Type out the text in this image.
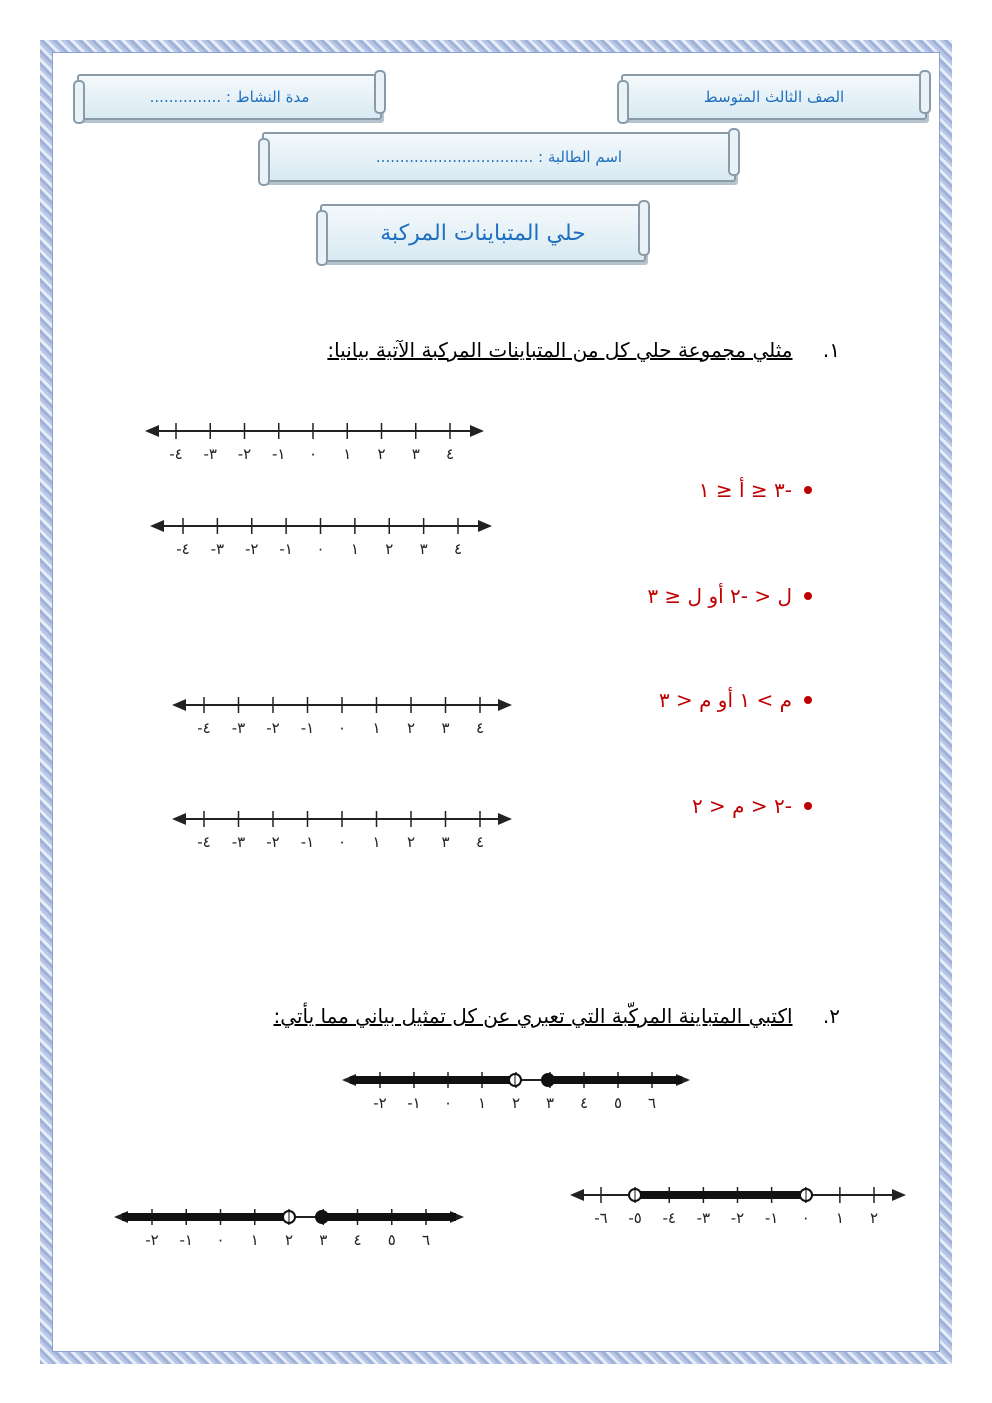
الصف الثالث المتوسط
مدة النشاط : ...............
اسم الطالبة : .................................
حلي المتباينات المركبة
١. مثلي مجموعة حلي كل من المتباينات المركبة الآتية بيانيا:
-٣ ≤ أ ≤ ١
ل < -٢ أو ل ≤ ٣
م > ١ أو م < ٣
-٢ < م < ٢
٢. اكتبي المتباينة المركّبة التي تعبري عن كل تمثيل بياني مما يأتي:
٤- ٣- ٢- ١- ٠ ١ ٢ ٣ ٤
٤- ٣- ٢- ١- ٠ ١ ٢ ٣ ٤
٤- ٣- ٢- ١- ٠ ١ ٢ ٣ ٤
٤- ٣- ٢- ١- ٠ ١ ٢ ٣ ٤
٢- ١- ٠ ١ ٢ ٣ ٤ ٥ ٦
٦- ٥- ٤- ٣- ٢- ١- ٠ ١ ٢
٢- ١- ٠ ١ ٢ ٣ ٤ ٥ ٦
